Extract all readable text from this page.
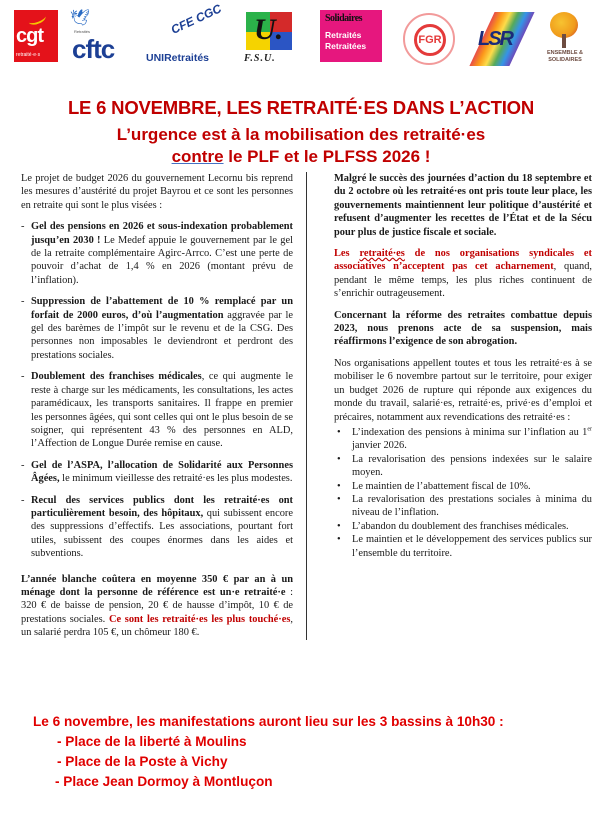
cgt
retraité·e·s
🕊
Retraités
cftc
CFE CGC
UNIRetraités
U.
F.S.U.
Solidaires
Retraités Retraitées	FGR LSR
ENSEMBLE & SOLIDAIRES
LE 6 NOVEMBRE, LES RETRAITÉ·ES DANS L’ACTION
L’urgence est à la mobilisation des retraité·es
contre le PLF et le PLFSS 2026 !

Le projet de budget 2026 du gouvernement Lecornu bis reprend les mesures d’austérité du projet Bayrou et ce sont les personnes en retraite qui sont le plus visées :

- Gel des pensions en 2026 et sous-indexation probablement jusqu’en 2030 ! Le Medef appuie le gouvernement par le gel de la retraite complémentaire Agirc-Arrco. C’est une perte de pouvoir d’achat de 1,4 % en 2026 (montant prévu de l’inflation).
- Suppression de l’abattement de 10 % remplacé par un forfait de 2000 euros, d’où l’augmentation aggravée par le gel des barèmes de l’impôt sur le revenu et de la CSG. Des personnes non imposables le deviendront et perdront des prestations sociales.
- Doublement des franchises médicales, ce qui augmente le reste à charge sur les médicaments, les consultations, les actes paramédicaux, les transports sanitaires. Il frappe en premier les personnes âgées, qui sont celles qui ont le plus besoin de se soigner, qui représentent 43 % des personnes en ALD, l’Affection de Longue Durée remise en cause.
- Gel de l’ASPA, l’allocation de Solidarité aux Personnes Âgées, le minimum vieillesse des retraité·es les plus modestes.
- Recul des services publics dont les retraité·es ont particulièrement besoin, des hôpitaux, qui subissent encore des suppressions d’effectifs. Les associations, pourtant fort utiles, subissent des coupes énormes dans les aides et subventions.

L’année blanche coûtera en moyenne 350 € par an à un ménage dont la personne de référence est un·e retraité·e : 320 € de baisse de pension, 20 € de hausse d’impôt, 10 € de prestations sociales. Ce sont les retraité·es les plus touché·es, un salarié perdra 105 €, un chômeur 180 €.

Malgré le succès des journées d’action du 18 septembre et du 2 octobre où les retraité·es ont pris toute leur place, les gouvernements maintiennent leur politique d’austérité et refusent d’augmenter les recettes de l’État et de la Sécu pour plus de justice fiscale et sociale.

Les retraité·es de nos organisations syndicales et associatives n’acceptent pas cet acharnement, quand, pendant le même temps, les plus riches continuent de s’enrichir outrageusement.

Concernant la réforme des retraites combattue depuis 2023, nous prenons acte de sa suspension, mais réaffirmons l’exigence de son abrogation.

Nos organisations appellent toutes et tous les retraité·es à se mobiliser le 6 novembre partout sur le territoire, pour exiger un budget 2026 de rupture qui réponde aux exigences du monde du travail, salarié·es, retraité·es, privé·es d’emploi et précaires, notamment aux revendications des retraité·es :

• L’indexation des pensions à minima sur l’inflation au 1er janvier 2026.
• La revalorisation des pensions indexées sur le salaire moyen.
• Le maintien de l’abattement fiscal de 10%.
• La revalorisation des prestations sociales à minima du niveau de l’inflation.
• L’abandon du doublement des franchises médicales.
• Le maintien et le développement des services publics sur l’ensemble du territoire.
Le 6 novembre, les manifestations auront lieu sur les 3 bassins à 10h30 :
- Place de la liberté à Moulins
- Place de la Poste à Vichy
- Place Jean Dormoy à Montluçon
